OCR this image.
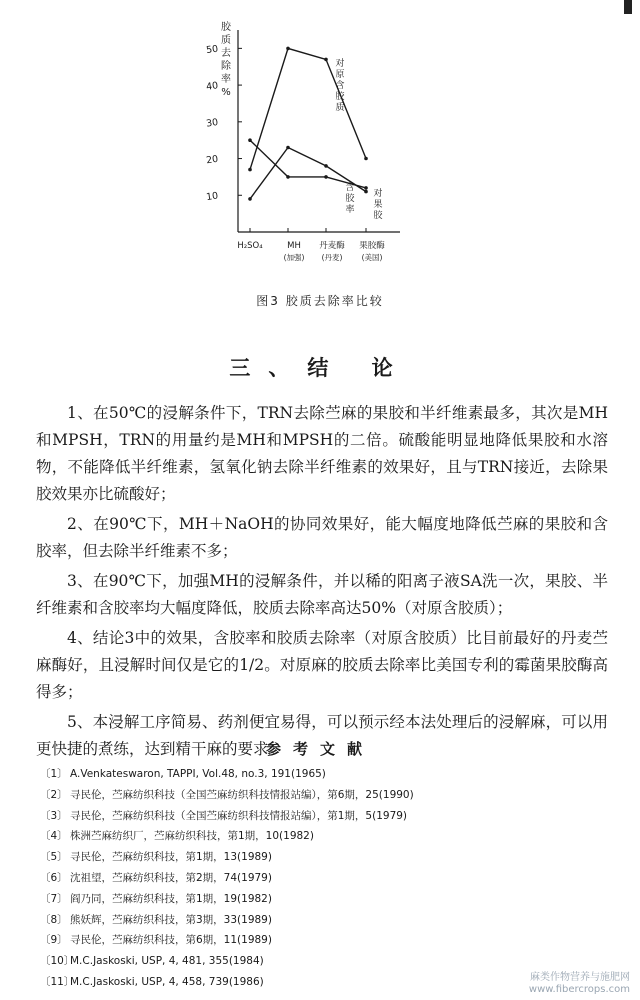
胶
质
去
除
率
%
50
40
30
20
10
H₂SO₄	MH
(加强)
丹麦酶
(丹麦)
果胶酶
(美国)
对
原
含
胶
质
含
胶
率
对
果
胶
图3 胶质去除率比较
三、结 论

1、在50℃的浸解条件下，TRN去除苎麻的果胶和半纤维素最多，其次是MH和MPSH，TRN的用量约是MH和MPSH的二倍。硫酸能明显地降低果胶和水溶物，不能降低半纤维素，氢氧化钠去除半纤维素的效果好，且与TRN接近，去除果胶效果亦比硫酸好；

2、在90℃下，MH＋NaOH的协同效果好，能大幅度地降低苎麻的果胶和含胶率，但去除半纤维素不多；

3、在90℃下，加强MH的浸解条件，并以稀的阳离子液SA洗一次，果胶、半纤维素和含胶率均大幅度降低，胶质去除率高达50%（对原含胶质）；

4、结论3中的效果，含胶率和胶质去除率（对原含胶质）比目前最好的丹麦苎麻酶好，且浸解时间仅是它的1/2。对原麻的胶质去除率比美国专利的霉菌果胶酶高得多；

5、本浸解工序简易、药剂便宜易得，可以预示经本法处理后的浸解麻，可以用更快捷的煮练，达到精干麻的要求。

参考文献
〔1〕 A.Venkateswaron, TAPPI, Vol.48, no.3, 191(1965)
〔2〕 寻民伦，苎麻纺织科技（全国苎麻纺织科技情报站编），第6期，25(1990)
〔3〕 寻民伦，苎麻纺织科技（全国苎麻纺织科技情报站编），第1期，5(1979)
〔4〕 株洲苎麻纺织厂，苎麻纺织科技，第1期，10(1982)
〔5〕 寻民伦，苎麻纺织科技，第1期，13(1989)
〔6〕 沈祖望，苎麻纺织科技，第2期，74(1979)
〔7〕 阎乃同，苎麻纺织科技，第1期，19(1982)
〔8〕 熊妖辉，苎麻纺织科技，第3期，33(1989)
〔9〕 寻民伦，苎麻纺织科技，第6期，11(1989)
〔10〕M.C.Jaskoski, USP, 4, 481, 355(1984)
〔11〕M.C.Jaskoski, USP, 4, 458, 739(1986)	麻类作物营养与施肥网
www.fibercrops.com
